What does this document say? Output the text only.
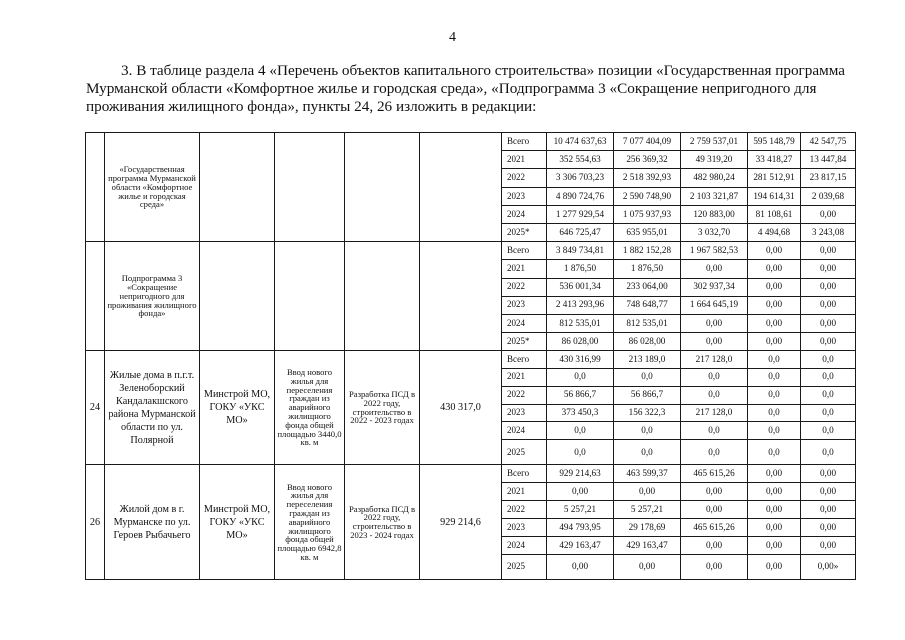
4
3. В таблице раздела 4 «Перечень объектов капитального строительства» позиции «Государственная программа Мурманской области «Комфортное жилье и городская среда», «Подпрограмма 3 «Сокращение непригодного для проживания жилищного фонда», пункты 24, 26 изложить в редакции:
	«Государственная программа Мурманской области «Комфортное жилье и городская среда»					Всего	10 474 637,63	7 077 404,09	2 759 537,01	595 148,79	42 547,75
						2021	352 554,63	256 369,32	49 319,20	33 418,27	13 447,84
						2022	3 306 703,23	2 518 392,93	482 980,24	281 512,91	23 817,15
						2023	4 890 724,76	2 590 748,90	2 103 321,87	194 614,31	2 039,68
						2024	1 277 929,54	1 075 937,93	120 883,00	81 108,61	0,00
						2025*	646 725,47	635 955,01	3 032,70	4 494,68	3 243,08
	Подпрограмма 3 «Сокращение непригодного для проживания жилищного фонда»					Всего	3 849 734,81	1 882 152,28	1 967 582,53	0,00	0,00
						2021	1 876,50	1 876,50	0,00	0,00	0,00
						2022	536 001,34	233 064,00	302 937,34	0,00	0,00
						2023	2 413 293,96	748 648,77	1 664 645,19	0,00	0,00
						2024	812 535,01	812 535,01	0,00	0,00	0,00
						2025*	86 028,00	86 028,00	0,00	0,00	0,00
24	Жилые дома в п.г.т. Зеленоборский Кандалакшского района Мурманской области по ул. Полярной	Минстрой МО, ГОКУ «УКС МО»	Ввод нового жилья для переселения граждан из аварийного жилищного фонда общей площадью 3440,0 кв. м	Разработка ПСД в 2022 году, строительство в 2022 - 2023 годах	430 317,0	Всего	430 316,99	213 189,0	217 128,0	0,0	0,0
						2021	0,0	0,0	0,0	0,0	0,0
						2022	56 866,7	56 866,7	0,0	0,0	0,0
						2023	373 450,3	156 322,3	217 128,0	0,0	0,0
						2024	0,0	0,0	0,0	0,0	0,0
						2025	0,0	0,0	0,0	0,0	0,0
26	Жилой дом в г. Мурманске по ул. Героев Рыбачьего	Минстрой МО, ГОКУ «УКС МО»	Ввод нового жилья для переселения граждан из аварийного жилищного фонда общей площадью 6942,8 кв. м	Разработка ПСД в 2022 году, строительство в 2023 - 2024 годах	929 214,6	Всего	929 214,63	463 599,37	465 615,26	0,00	0,00
						2021	0,00	0,00	0,00	0,00	0,00
						2022	5 257,21	5 257,21	0,00	0,00	0,00
						2023	494 793,95	29 178,69	465 615,26	0,00	0,00
						2024	429 163,47	429 163,47	0,00	0,00	0,00
						2025	0,00	0,00	0,00	0,00	0,00»
